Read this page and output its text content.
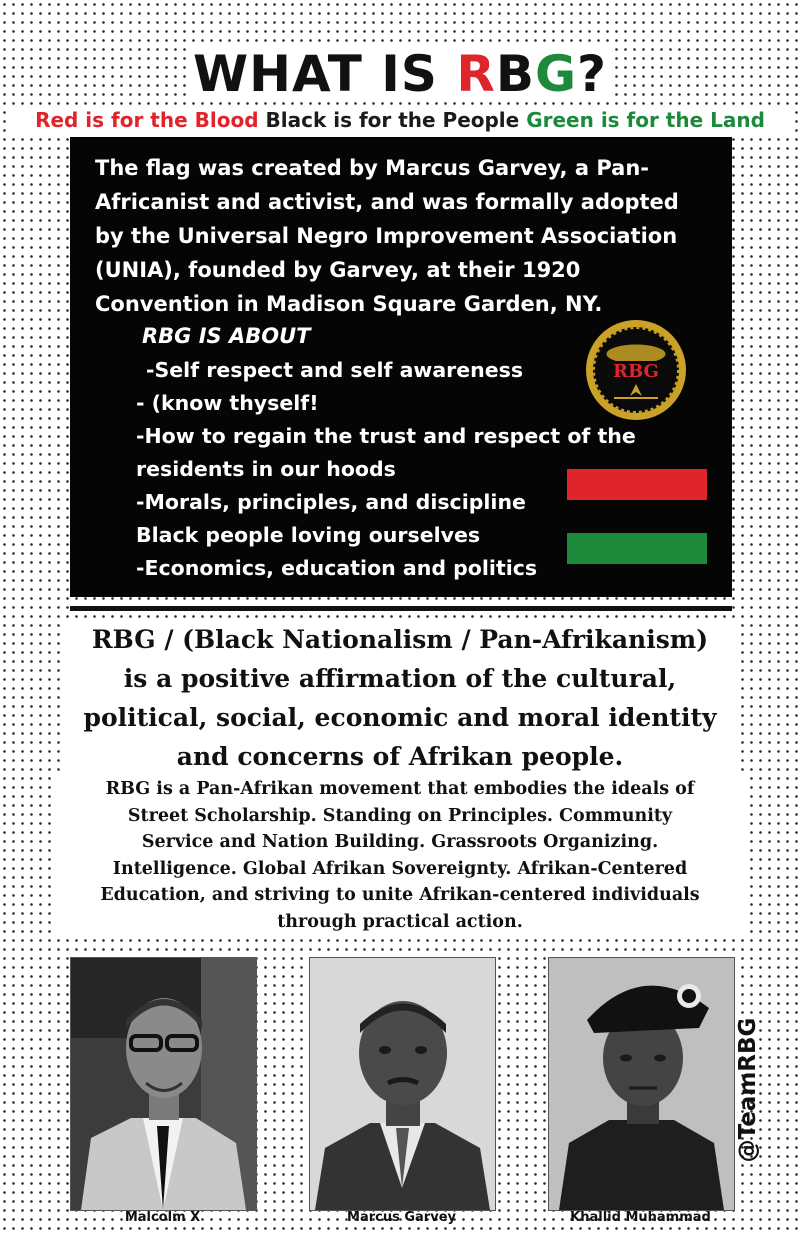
WHAT IS RBG?
Red is for the Blood Black is for the People Green is for the Land
The flag was created by Marcus Garvey, a Pan-Africanist and activist, and was formally adopted by the Universal Negro Improvement Association (UNIA), founded by Garvey, at their 1920 Convention in Madison Square Garden, NY.
RBG IS ABOUT
-Self respect and self awareness
- (know thyself!
-How to regain the trust and respect of the
residents in our hoods
-Morals, principles, and discipline
Black people loving ourselves
-Economics, education and politics
RBG
RBG / (Black Nationalism / Pan-Afrikanism)
is a positive affirmation of the cultural,
political, social, economic and moral identity
and concerns of Afrikan people.
RBG is a Pan-Afrikan movement that embodies the ideals of
Street Scholarship. Standing on Principles. Community
Service and Nation Building. Grassroots Organizing.
Intelligence. Global Afrikan Sovereignty. Afrikan-Centered
Education, and striving to unite Afrikan-centered individuals
through practical action.
Malcolm X	Marcus Garvey	Khallid Muhammad
@TeamRBG
